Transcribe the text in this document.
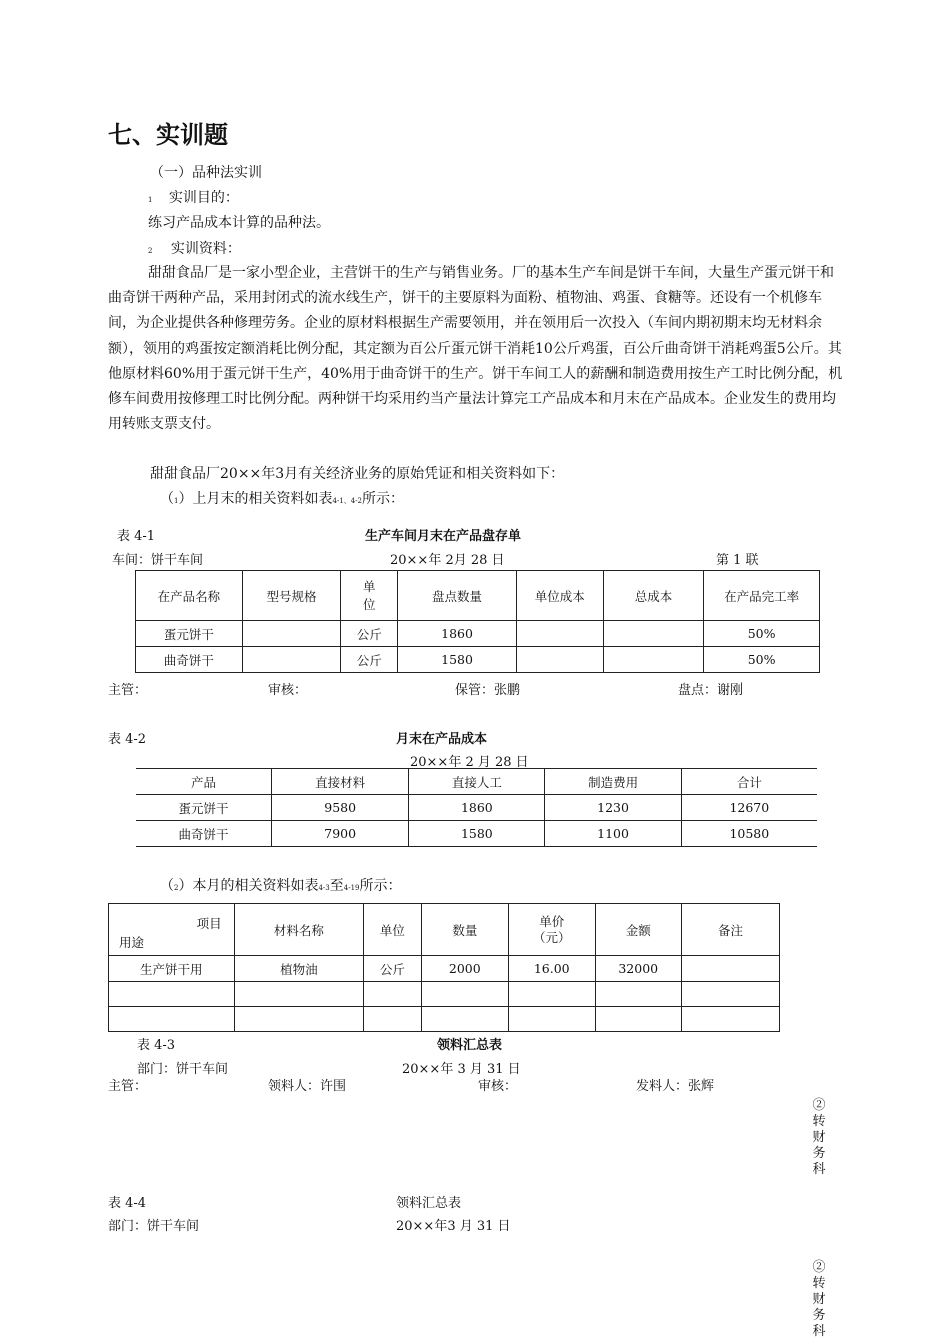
七、实训题
（一）品种法实训
1 实训目的：
练习产品成本计算的品种法。
2 实训资料：
甜甜食品厂是一家小型企业，主营饼干的生产与销售业务。厂的基本生产车间是饼干车间，大量生产蛋元饼干和曲奇饼干两种产品，采用封闭式的流水线生产，饼干的主要原料为面粉、植物油、鸡蛋、食糖等。还设有一个机修车间，为企业提供各种修理劳务。企业的原材料根据生产需要领用，并在领用后一次投入（车间内期初期末均无材料余额），领用的鸡蛋按定额消耗比例分配，其定额为百公斤蛋元饼干消耗10公斤鸡蛋，百公斤曲奇饼干消耗鸡蛋5公斤。其他原材料60%用于蛋元饼干生产，40%用于曲奇饼干的生产。饼干车间工人的薪酬和制造费用按生产工时比例分配，机修车间费用按修理工时比例分配。两种饼干均采用约当产量法计算完工产品成本和月末在产品成本。企业发生的费用均用转账支票支付。
甜甜食品厂20××年3月有关经济业务的原始凭证和相关资料如下：
（1）上月末的相关资料如表4-1、4-2所示：
表 4-1	生产车间月末在产品盘存单
车间：饼干车间	20××年 2月 28 日	第 1 联
在产品名称	型号规格	单位	盘点数量	单位成本	总成本	在产品完工率
蛋元饼干		公斤	1860			50%
曲奇饼干		公斤	1580			50%
主管：	审核：	保管：张鹏	盘点：谢刚
表 4-2	月末在产品成本
20××年 2 月 28 日
产品	直接材料	直接人工	制造费用	合计
蛋元饼干	9580	1860	1230	12670
曲奇饼干	7900	1580	1100	10580
（2）本月的相关资料如表4-3至4-19所示：
项目
用途	材料名称	单位	数量	单价（元）	金额	备注
生产饼干用	植物油	公斤	2000	16.00	32000	

表 4-3	领料汇总表
部门：饼干车间	20××年 3 月 31 日
主管：	领料人：许围	审核：	发料人：张辉
②转财务科
表 4-4	领料汇总表
部门：饼干车间	20××年3 月 31 日
②转财务科
